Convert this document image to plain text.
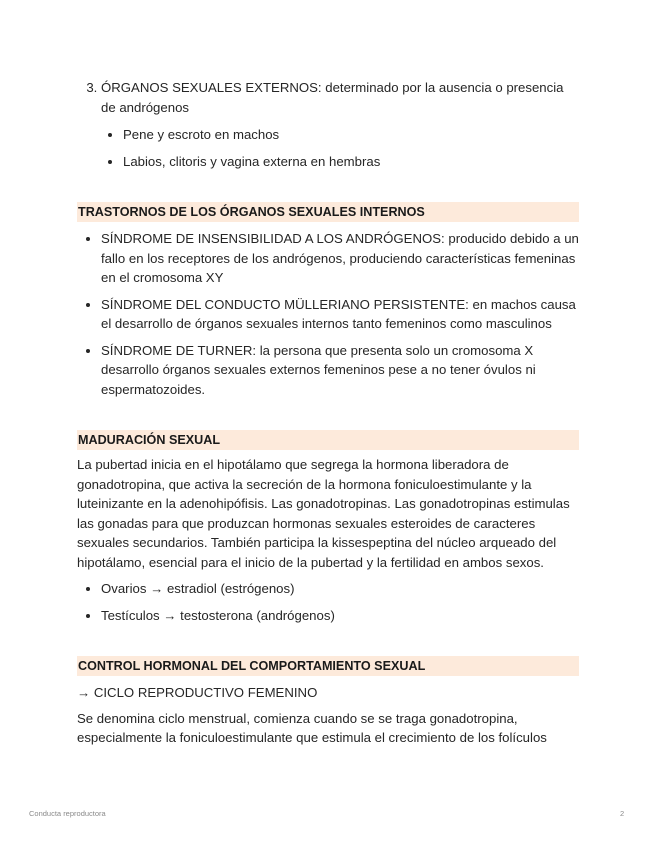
3. ÓRGANOS SEXUALES EXTERNOS: determinado por la ausencia o presencia de andrógenos
• Pene y escroto en machos
• Labios, clitoris y vagina externa en hembras
TRASTORNOS DE LOS ÓRGANOS SEXUALES INTERNOS
• SÍNDROME DE INSENSIBILIDAD A LOS ANDRÓGENOS: producido debido a un fallo en los receptores de los andrógenos, produciendo características femeninas en el cromosoma XY
• SÍNDROME DEL CONDUCTO MÜLLERIANO PERSISTENTE: en machos causa el desarrollo de órganos sexuales internos tanto femeninos como masculinos
• SÍNDROME DE TURNER: la persona que presenta solo un cromosoma X desarrollo órganos sexuales externos femeninos pese a no tener óvulos ni espermatozoides.
MADURACIÓN SEXUAL

La pubertad inicia en el hipotálamo que segrega la hormona liberadora de gonadotropina, que activa la secreción de la hormona foniculoestimulante y la luteinizante en la adenohipófisis. Las gonadotropinas. Las gonadotropinas estimulas las gonadas para que produzcan hormonas sexuales esteroides de caracteres sexuales secundarios. También participa la kissespeptina del núcleo arqueado del hipotálamo, esencial para el inicio de la pubertad y la fertilidad en ambos sexos.

• Ovarios → estradiol (estrógenos)
• Testículos → testosterona (andrógenos)
CONTROL HORMONAL DEL COMPORTAMIENTO SEXUAL

→ CICLO REPRODUCTIVO FEMENINO

Se denomina ciclo menstrual, comienza cuando se se traga gonadotropina, especialmente la foniculoestimulante que estimula el crecimiento de los folículos

Conducta reproductora	2
